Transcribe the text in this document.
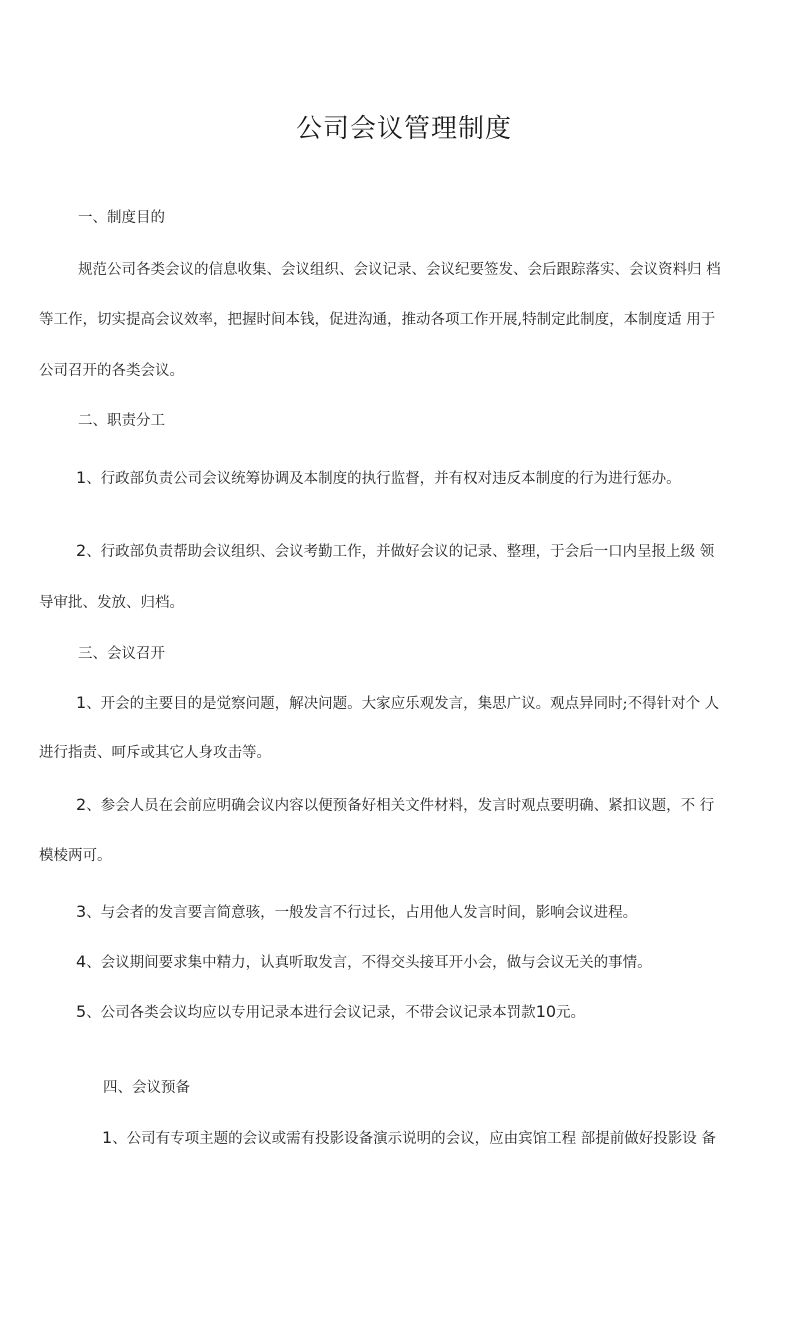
公司会议管理制度
一、制度目的
规范公司各类会议的信息收集、会议组织、会议记录、会议纪要签发、会后跟踪落实、会议资料归 档
等工作，切实提高会议效率，把握时间本钱，促进沟通，推动各项工作开展,特制定此制度，本制度适 用于
公司召开的各类会议。
二、职责分工
1、行政部负责公司会议统筹协调及本制度的执行监督，并有权对违反本制度的行为进行惩办。
2、行政部负责帮助会议组织、会议考勤工作，并做好会议的记录、整理，于会后一口内呈报上级 领
导审批、发放、归档。
三、会议召开
1、开会的主要目的是觉察问题，解决问题。大家应乐观发言，集思广议。观点异同时;不得针对个 人
进行指责、呵斥或其它人身攻击等。
2、参会人员在会前应明确会议内容以便预备好相关文件材料，发言时观点要明确、紧扣议题，不 行
模棱两可。
3、与会者的发言要言简意骇，一般发言不行过长，占用他人发言时间，影响会议进程。
4、会议期间要求集中精力，认真听取发言，不得交头接耳开小会，做与会议无关的事情。
5、公司各类会议均应以专用记录本进行会议记录，不带会议记录本罚款10元。
四、会议预备
1、公司有专项主题的会议或需有投影设备演示说明的会议，应由宾馆工程 部提前做好投影设 备
